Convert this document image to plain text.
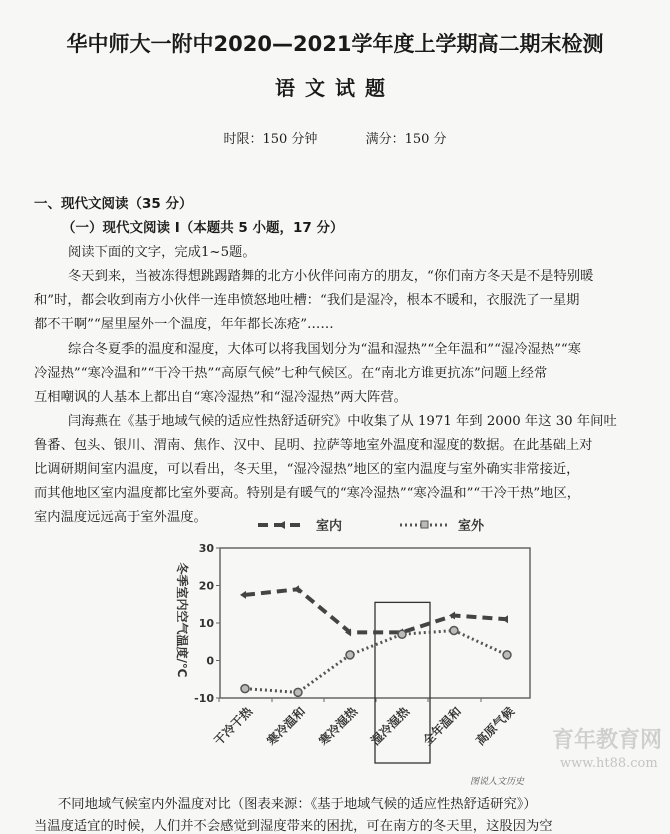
华中师大一附中2020—2021学年度上学期高二期末检测
语文试题
时限：150 分钟	满分：150 分
一、现代文阅读（35 分）
（一）现代文阅读 I（本题共 5 小题，17 分）
阅读下面的文字，完成1~5题。
冬天到来，当被冻得想跳踢踏舞的北方小伙伴问南方的朋友，“你们南方冬天是不是特别暖
和”时，都会收到南方小伙伴一连串愤怒地吐槽：“我们是湿冷，根本不暖和，衣服洗了一星期
都不干啊”“屋里屋外一个温度，年年都长冻疮”……
综合冬夏季的温度和湿度，大体可以将我国划分为“温和湿热”“全年温和”“湿冷湿热”“寒
冷湿热”“寒冷温和”“干冷干热”“高原气候”七种气候区。在“南北方谁更抗冻”问题上经常
互相嘲讽的人基本上都出自“寒冷湿热”和“湿冷湿热”两大阵营。
闫海燕在《基于地域气候的适应性热舒适研究》中收集了从 1971 年到 2000 年这 30 年间吐
鲁番、包头、银川、渭南、焦作、汉中、昆明、拉萨等地室外温度和湿度的数据。在此基础上对
比调研期间室内温度，可以看出，冬天里，“湿冷湿热”地区的室内温度与室外确实非常接近，
而其他地区室内温度都比室外要高。特别是有暖气的“寒冷湿热”“寒冷温和”“干冷干热”地区，
室内温度远远高于室外温度。
室内	室外
冬季室内空气温度/℃
30
20
10
0
-10
干冷干热 寒冷温和 寒冷湿热 湿冷湿热 全年温和 高原气候
图说人文历史
育年教育网
www.ht88.com
不同地域气候室内外温度对比（图表来源：《基于地域气候的适应性热舒适研究》）
当温度适宜的时候，人们并不会感觉到湿度带来的困扰，可在南方的冬天里，这股因为空
